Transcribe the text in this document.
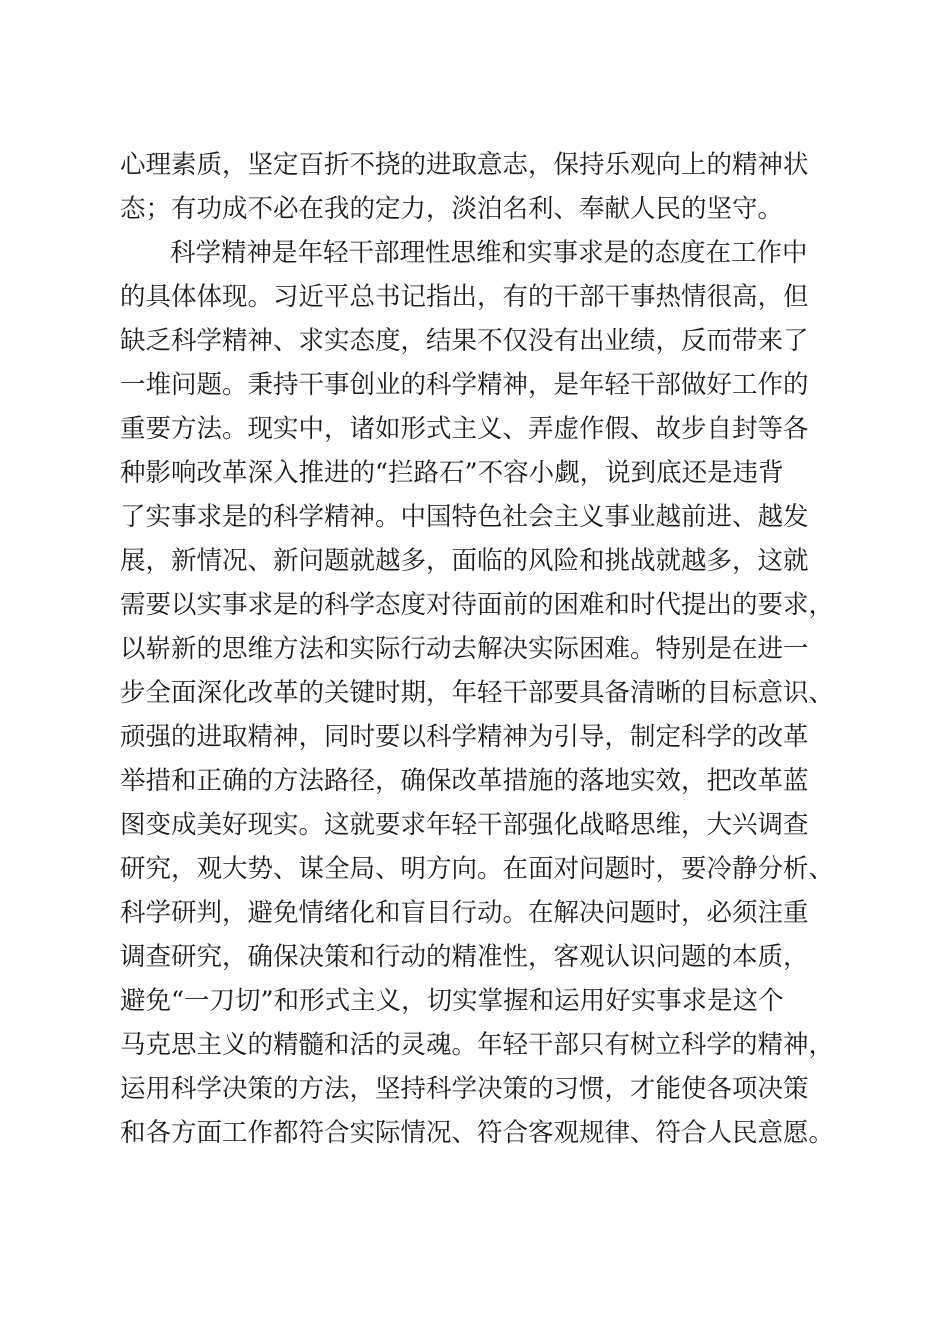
心理素质，坚定百折不挠的进取意志，保持乐观向上的精神状
态；有功成不必在我的定力，淡泊名利、奉献人民的坚守。
科学精神是年轻干部理性思维和实事求是的态度在工作中
的具体体现。习近平总书记指出，有的干部干事热情很高，但
缺乏科学精神、求实态度，结果不仅没有出业绩，反而带来了
一堆问题。秉持干事创业的科学精神，是年轻干部做好工作的
重要方法。现实中，诸如形式主义、弄虚作假、故步自封等各
种影响改革深入推进的“拦路石”不容小觑，说到底还是违背
了实事求是的科学精神。中国特色社会主义事业越前进、越发
展，新情况、新问题就越多，面临的风险和挑战就越多，这就
需要以实事求是的科学态度对待面前的困难和时代提出的要求，
以崭新的思维方法和实际行动去解决实际困难。特别是在进一
步全面深化改革的关键时期，年轻干部要具备清晰的目标意识、
顽强的进取精神，同时要以科学精神为引导，制定科学的改革
举措和正确的方法路径，确保改革措施的落地实效，把改革蓝
图变成美好现实。这就要求年轻干部强化战略思维，大兴调查
研究，观大势、谋全局、明方向。在面对问题时，要冷静分析、
科学研判，避免情绪化和盲目行动。在解决问题时，必须注重
调查研究，确保决策和行动的精准性，客观认识问题的本质，
避免“一刀切”和形式主义，切实掌握和运用好实事求是这个
马克思主义的精髓和活的灵魂。年轻干部只有树立科学的精神，
运用科学决策的方法，坚持科学决策的习惯，才能使各项决策
和各方面工作都符合实际情况、符合客观规律、符合人民意愿。
